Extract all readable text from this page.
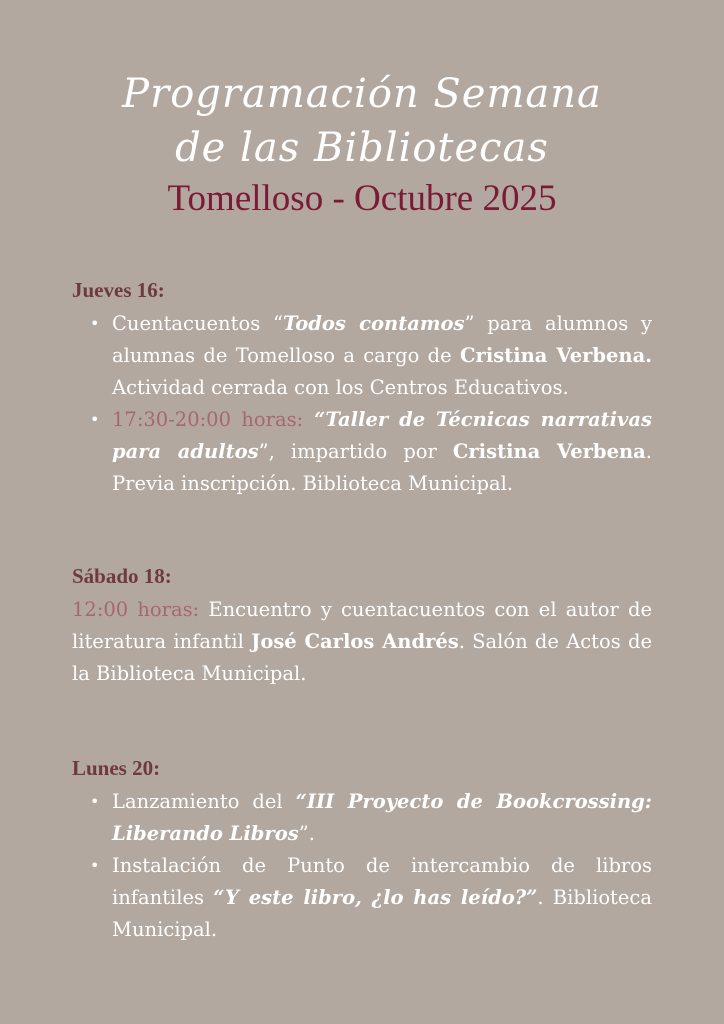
Programación Semana
de las Bibliotecas
Tomelloso - Octubre 2025
Jueves 16:
• Cuentacuentos “Todos contamos” para alumnos y alumnas de Tomelloso a cargo de Cristina Verbena. Actividad cerrada con los Centros Educativos.
• 17:30-20:00 horas: “Taller de Técnicas narrativas para adultos”, impartido por Cristina Verbena. Previa inscripción. Biblioteca Municipal.
Sábado 18:

12:00 horas: Encuentro y cuentacuentos con el autor de literatura infantil José Carlos Andrés. Salón de Actos de la Biblioteca Municipal.

Lunes 20:
• Lanzamiento del “III Proyecto de Bookcrossing: Liberando Libros”.
• Instalación de Punto de intercambio de libros infantiles “Y este libro, ¿lo has leído?”. Biblioteca Municipal.
